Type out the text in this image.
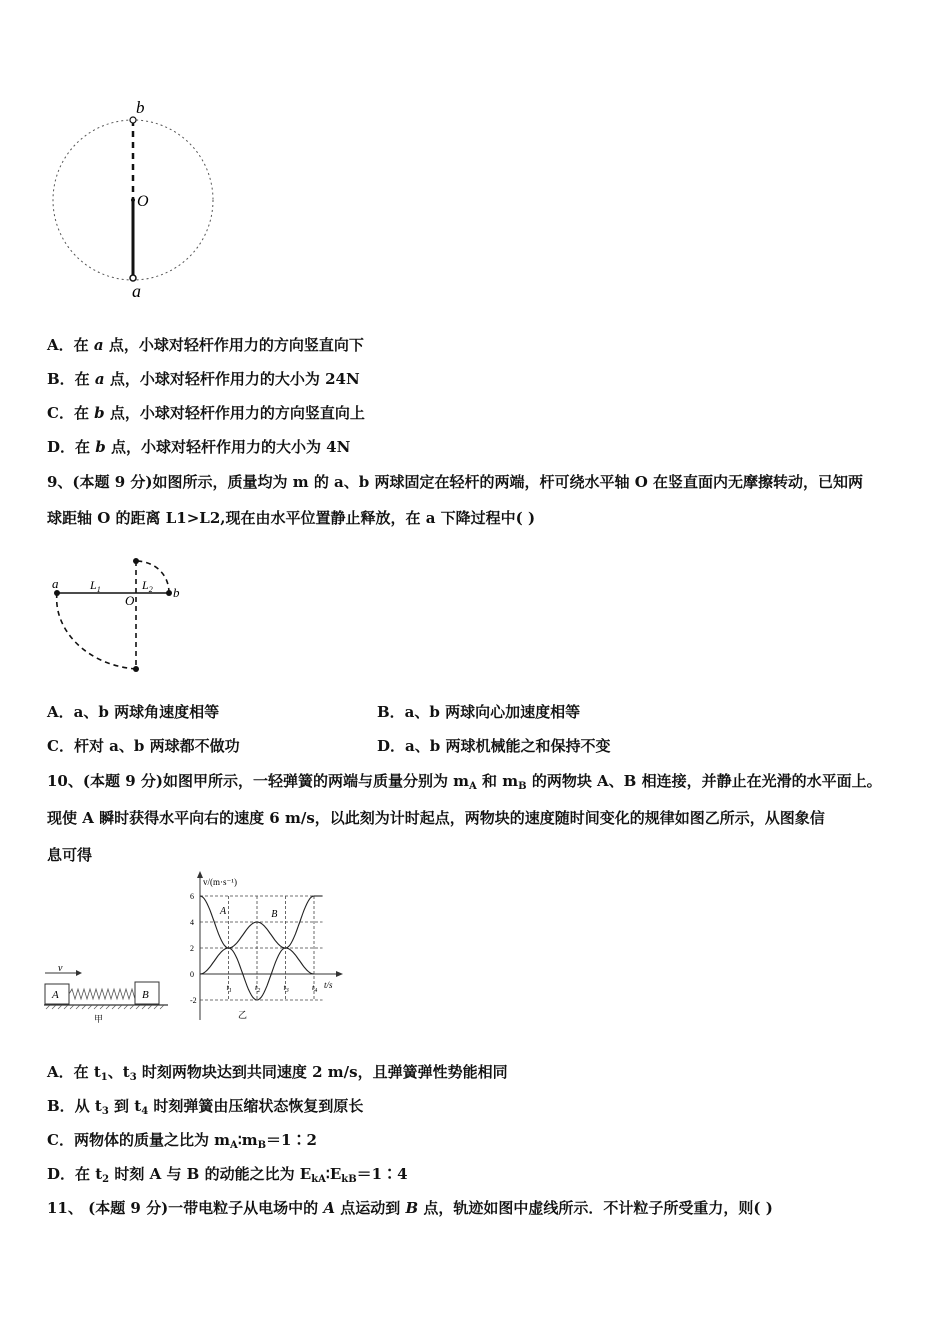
b
O
a
A．在 a 点，小球对轻杆作用力的方向竖直向下
B．在 a 点，小球对轻杆作用力的大小为 24N
C．在 b 点，小球对轻杆作用力的方向竖直向上
D．在 b 点，小球对轻杆作用力的大小为 4N
9、(本题 9 分)如图所示，质量均为 m 的 a、b 两球固定在轻杆的两端，杆可绕水平轴 O 在竖直面内无摩擦转动，已知两
球距轴 O 的距离 L1>L2,现在由水平位置静止释放，在 a 下降过程中( )
a	$L_1$
O
$L_2$ b
A．a、b 两球角速度相等	B．a、b 两球向心加速度相等
C．杆对 a、b 两球都不做功	D．a、b 两球机械能之和保持不变
10、(本题 9 分)如图甲所示，一轻弹簧的两端与质量分别为 $m_A$ 和 $m_B$ 的两物块 A、B 相连接，并静止在光滑的水平面上。
现使 A 瞬时获得水平向右的速度 6 m/s，以此刻为计时起点，两物块的速度随时间变化的规律如图乙所示，从图象信
息可得
v
A	B
甲
v/(m·s⁻¹)
t/s
乙
6
4
2
0
-2
$t_1$	$t_2$	$t_3$	$t_4$
A	B
A．在 $t_1$、$t_3$ 时刻两物块达到共同速度 2 m/s，且弹簧弹性势能相同
B．从 $t_3$ 到 $t_4$ 时刻弹簧由压缩状态恢复到原长
C．两物体的质量之比为 $m_A∶m_B=1∶2$
D．在 $t_2$ 时刻 A 与 B 的动能之比为 $E_{kA}∶E_{kB}=1∶4$
11、 (本题 9 分)一带电粒子从电场中的 A 点运动到 B 点，轨迹如图中虚线所示．不计粒子所受重力，则( )
